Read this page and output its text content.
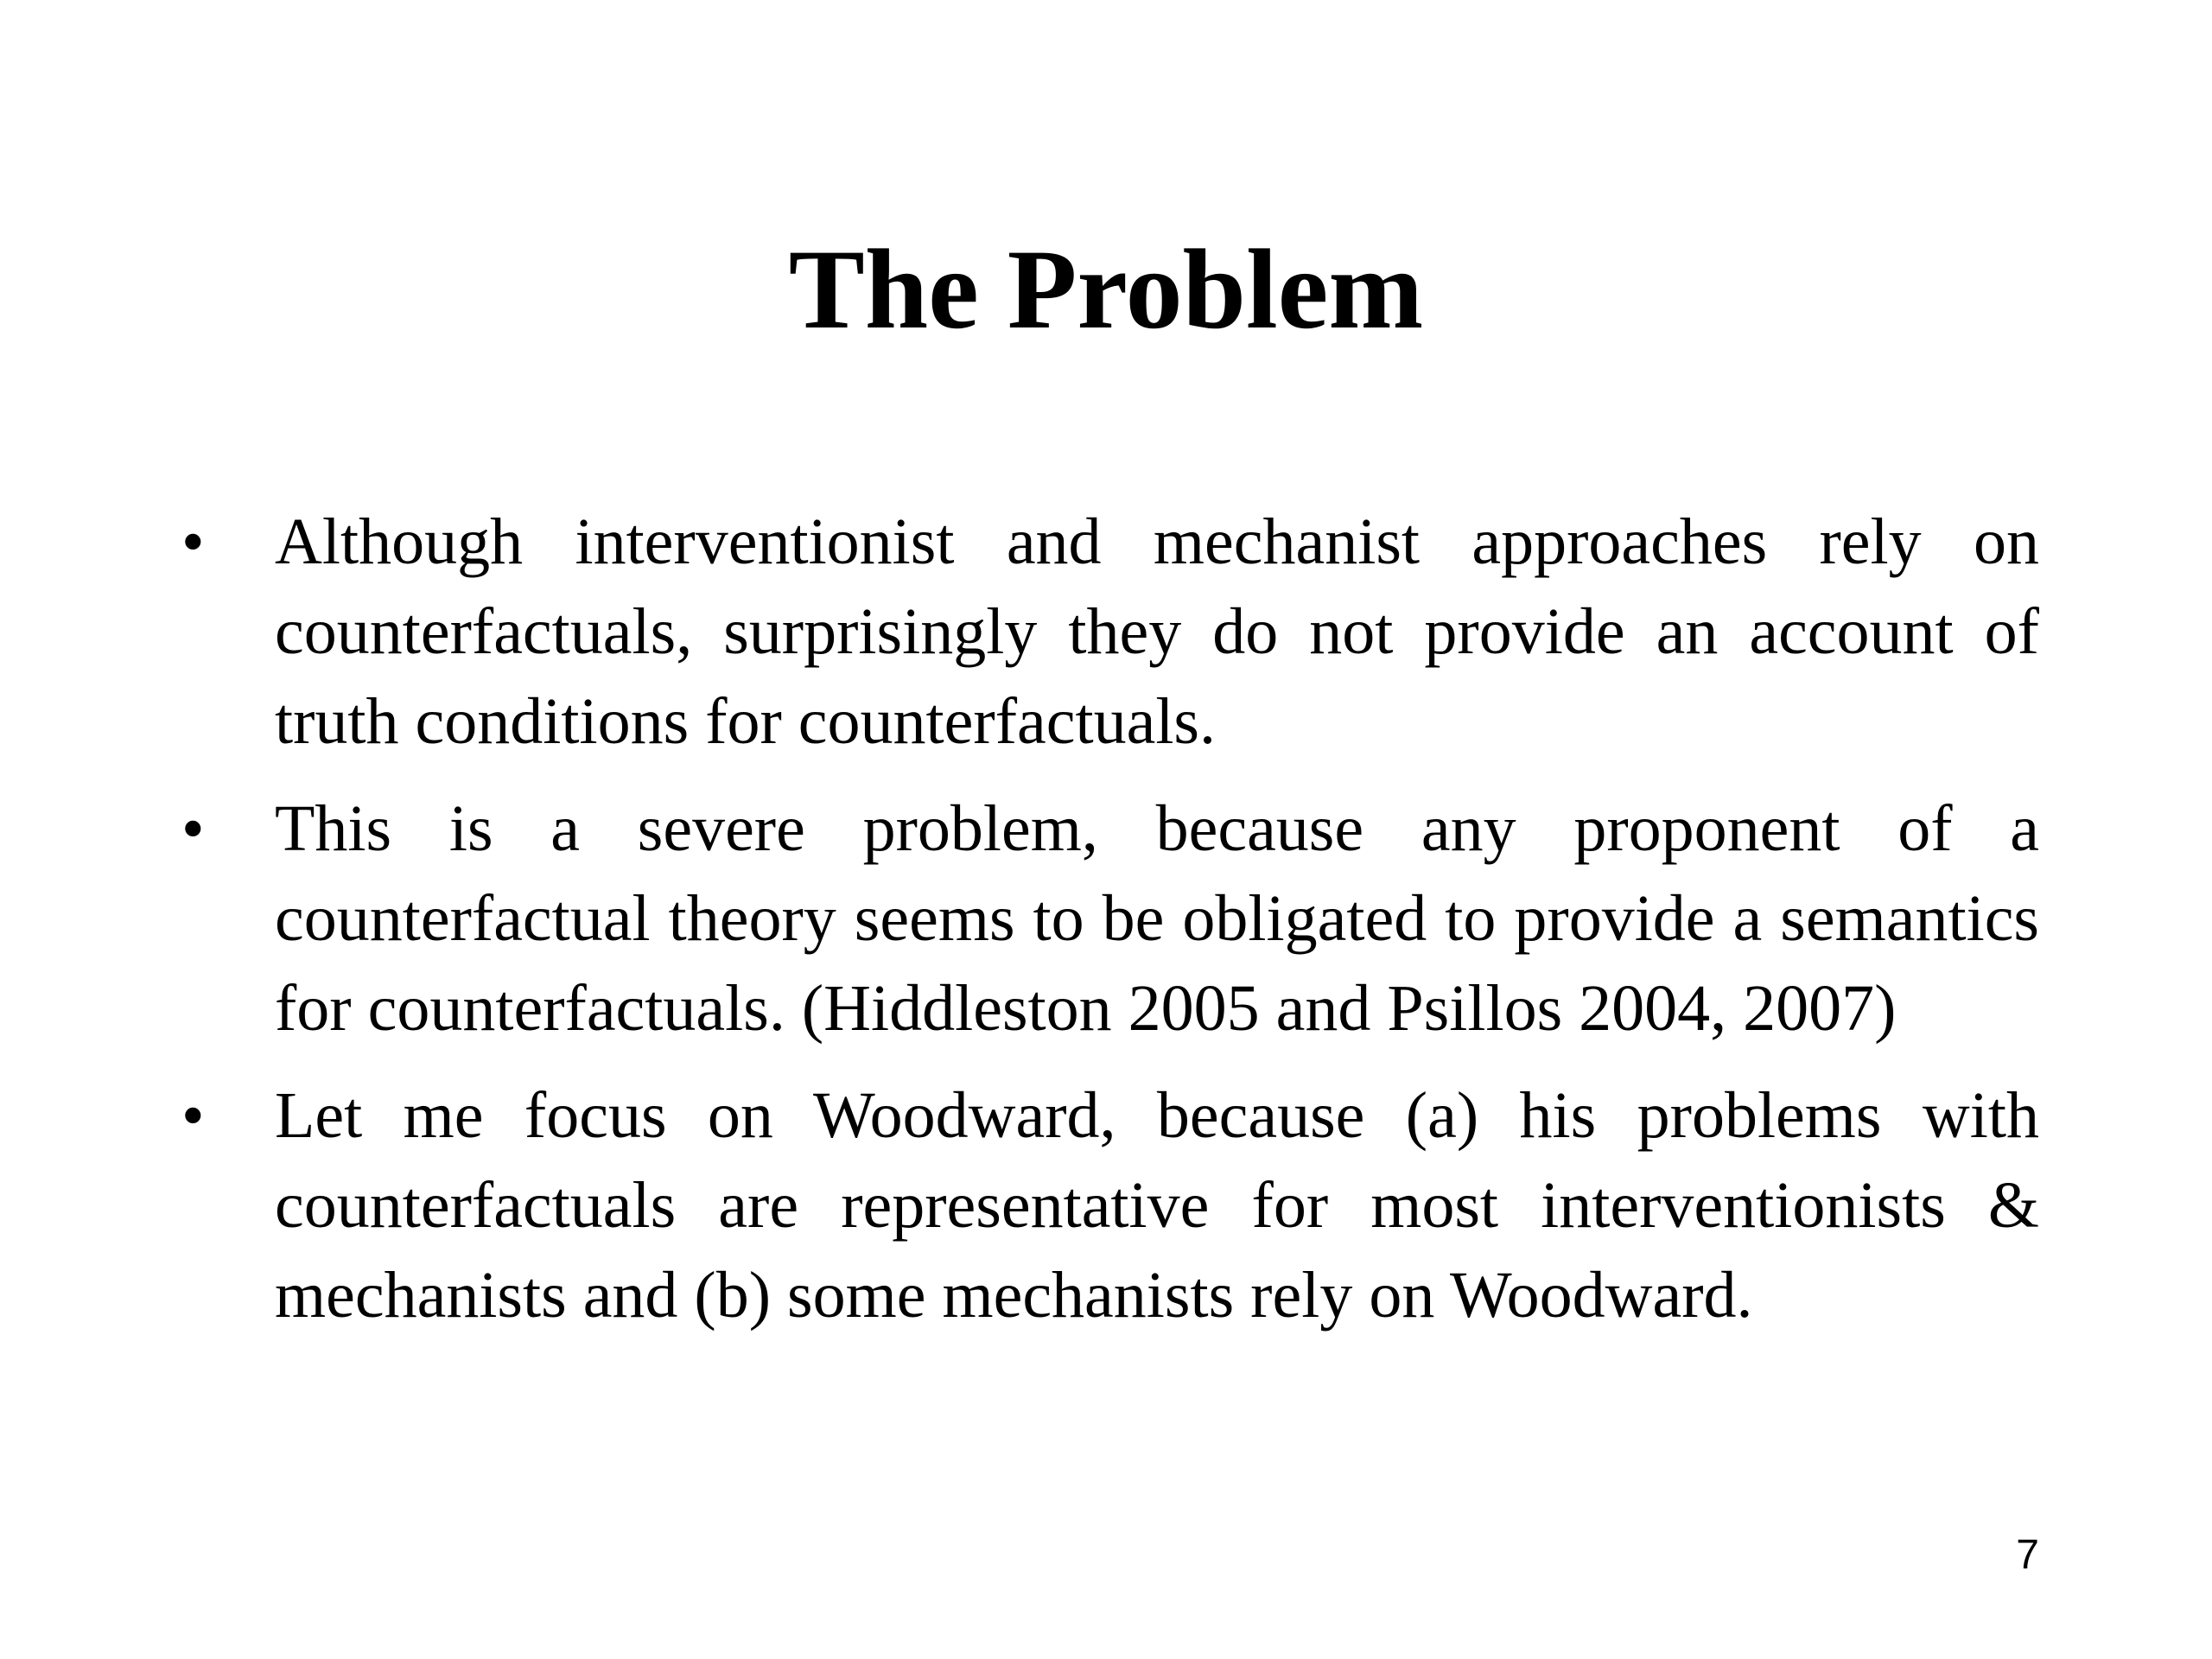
The Problem
•	Although interventionist and mechanist approaches rely on counterfactuals, surprisingly they do not provide an account of truth conditions for counterfactuals.
•	This is a severe problem, because any proponent of a counterfactual theory seems to be obligated to provide a semantics for counterfactuals. (Hiddleston 2005 and Psillos 2004, 2007)
•	Let me focus on Woodward, because (a) his problems with counterfactuals are representative for most interventionists & mechanists and (b) some mechanists rely on Woodward.
7
